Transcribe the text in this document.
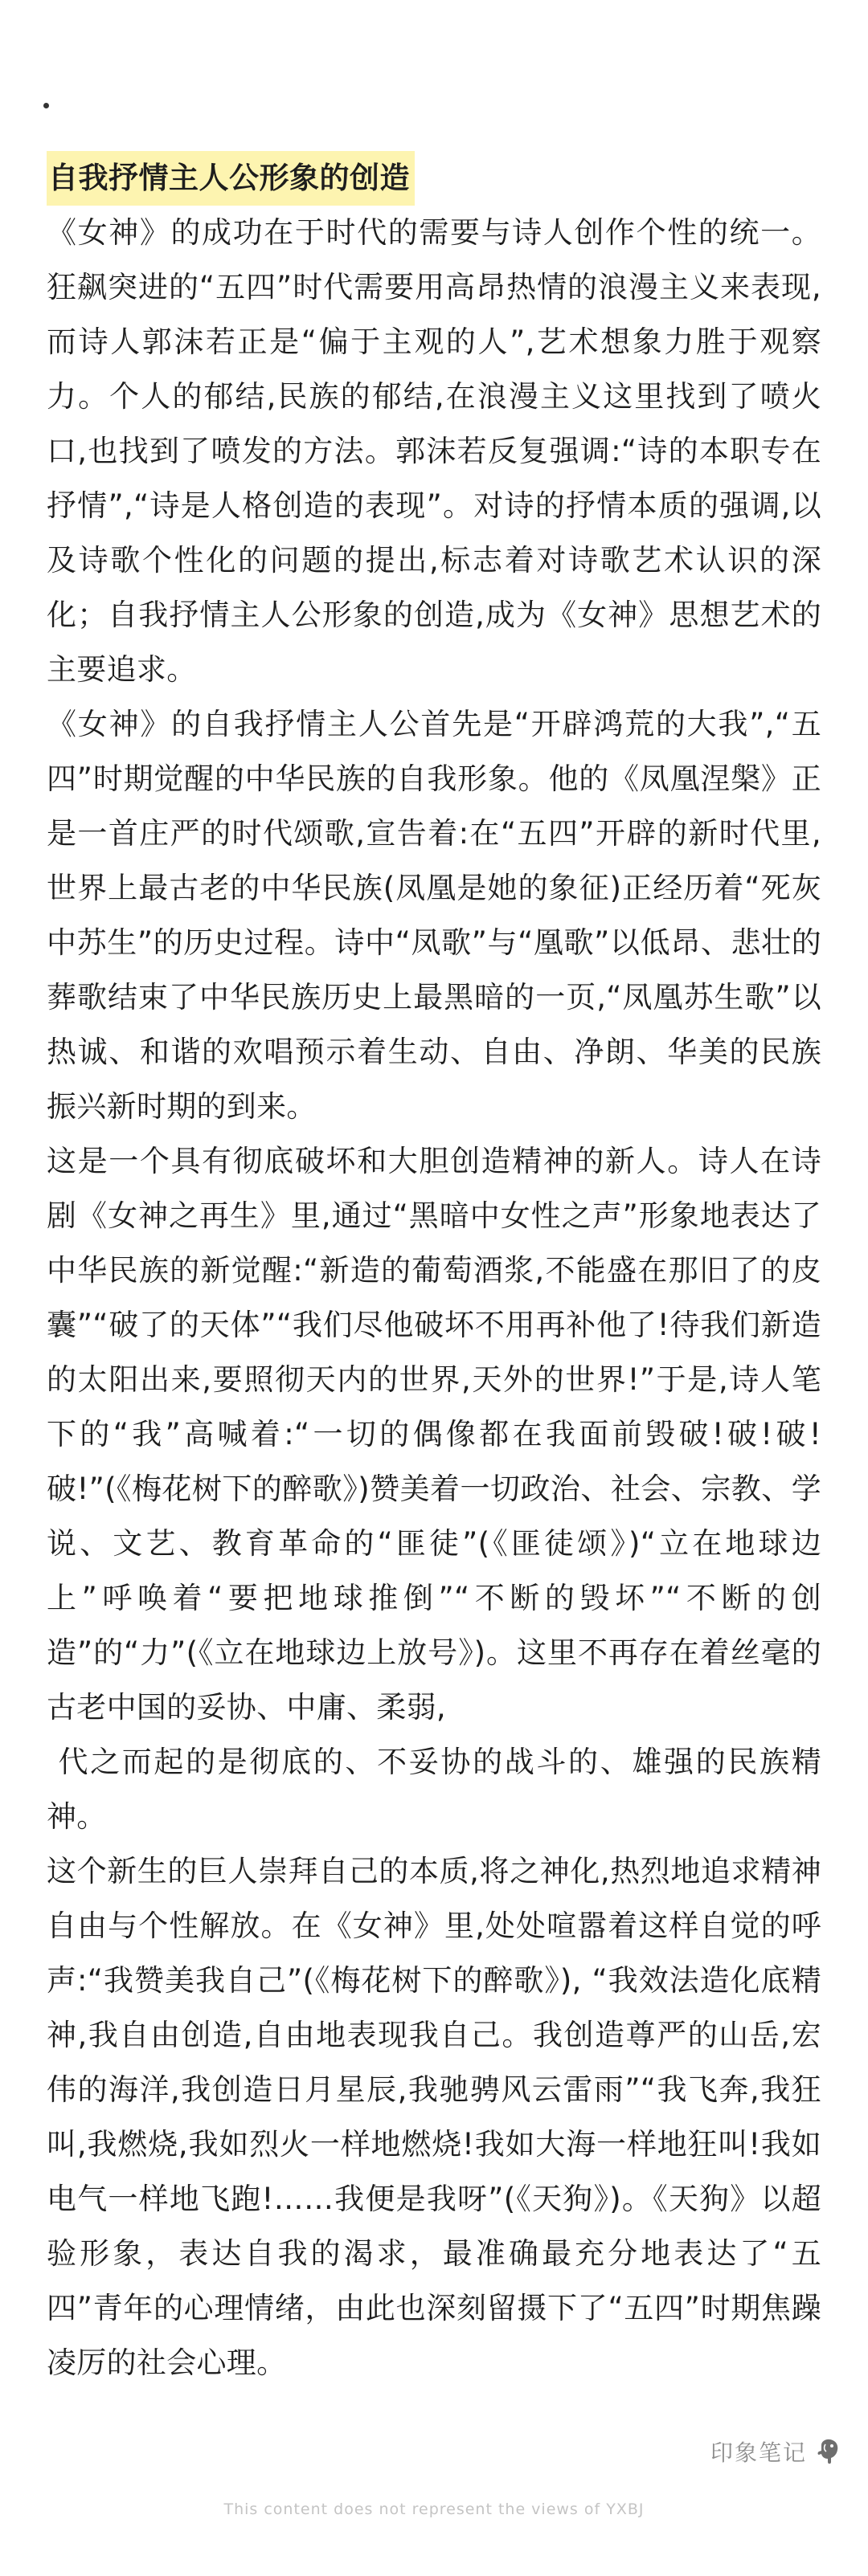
自我抒情主人公形象的创造

《女神》的成功在于时代的需要与诗人创作个性的统一。狂飙突进的“五四”时代需要用高昂热情的浪漫主义来表现,而诗人郭沫若正是“偏于主观的人”,艺术想象力胜于观察力。个人的郁结,民族的郁结,在浪漫主义这里找到了喷火口,也找到了喷发的方法。郭沫若反复强调:“诗的本职专在抒情”,“诗是人格创造的表现”。对诗的抒情本质的强调,以及诗歌个性化的问题的提出,标志着对诗歌艺术认识的深化；自我抒情主人公形象的创造,成为《女神》思想艺术的主要追求。

《女神》的自我抒情主人公首先是“开辟鸿荒的大我”,“五四”时期觉醒的中华民族的自我形象。他的《凤凰涅槃》正是一首庄严的时代颂歌,宣告着:在“五四”开辟的新时代里,世界上最古老的中华民族(凤凰是她的象征)正经历着“死灰中苏生”的历史过程。诗中“凤歌”与“凰歌”以低昂、悲壮的葬歌结束了中华民族历史上最黑暗的一页,“凤凰苏生歌”以热诚、和谐的欢唱预示着生动、自由、净朗、华美的民族振兴新时期的到来。

这是一个具有彻底破坏和大胆创造精神的新人。诗人在诗剧《女神之再生》里,通过“黑暗中女性之声”形象地表达了中华民族的新觉醒:“新造的葡萄酒浆,不能盛在那旧了的皮囊”“破了的天体”“我们尽他破坏不用再补他了!待我们新造的太阳出来,要照彻天内的世界,天外的世界!”于是,诗人笔下的“我”高喊着:“一切的偶像都在我面前毁破!破!破!破!”(《梅花树下的醉歌》)赞美着一切政治、社会、宗教、学说、文艺、教育革命的“匪徒”(《匪徒颂》)“立在地球边上”呼唤着“要把地球推倒”“不断的毁坏”“不断的创造”的“力”(《立在地球边上放号》)。这里不再存在着丝毫的古老中国的妥协、中庸、柔弱,

代之而起的是彻底的、不妥协的战斗的、雄强的民族精神。

这个新生的巨人崇拜自己的本质,将之神化,热烈地追求精神自由与个性解放。在《女神》里,处处喧嚣着这样自觉的呼声:“我赞美我自己”(《梅花树下的醉歌》), “我效法造化底精神,我自由创造,自由地表现我自己。我创造尊严的山岳,宏伟的海洋,我创造日月星辰,我驰骋风云雷雨”“我飞奔,我狂叫,我燃烧,我如烈火一样地燃烧!我如大海一样地狂叫!我如电气一样地飞跑!……我便是我呀”(《天狗》)。《天狗》以超验形象，表达自我的渴求，最准确最充分地表达了“五四”青年的心理情绪，由此也深刻留摄下了“五四”时期焦躁凌厉的社会心理。

印象笔记
This content does not represent the views of YXBJ
